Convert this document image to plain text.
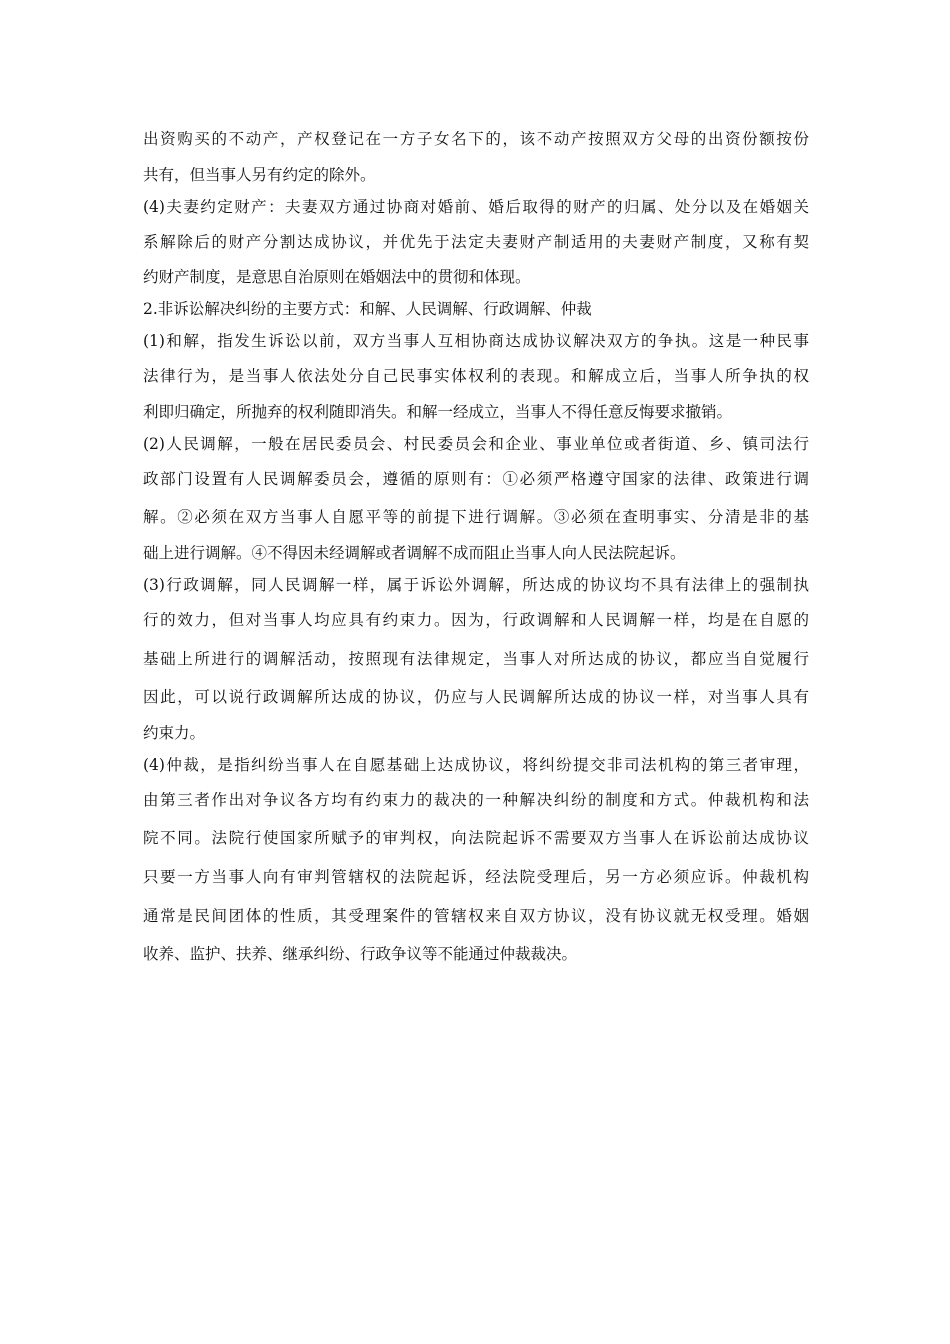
出资购买的不动产，产权登记在一方子女名下的，该不动产按照双方父母的出资份额按份
共有，但当事人另有约定的除外。
(4)夫妻约定财产：夫妻双方通过协商对婚前、婚后取得的财产的归属、处分以及在婚姻关
系解除后的财产分割达成协议，并优先于法定夫妻财产制适用的夫妻财产制度，又称有契
约财产制度，是意思自治原则在婚姻法中的贯彻和体现。
2.非诉讼解决纠纷的主要方式：和解、人民调解、行政调解、仲裁
(1)和解，指发生诉讼以前，双方当事人互相协商达成协议解决双方的争执。这是一种民事
法律行为，是当事人依法处分自己民事实体权利的表现。和解成立后，当事人所争执的权
利即归确定，所抛弃的权利随即消失。和解一经成立，当事人不得任意反悔要求撤销。
(2)人民调解，一般在居民委员会、村民委员会和企业、事业单位或者街道、乡、镇司法行
政部门设置有人民调解委员会，遵循的原则有：①必须严格遵守国家的法律、政策进行调
解。②必须在双方当事人自愿平等的前提下进行调解。③必须在查明事实、分清是非的基
础上进行调解。④不得因未经调解或者调解不成而阻止当事人向人民法院起诉。
(3)行政调解，同人民调解一样，属于诉讼外调解，所达成的协议均不具有法律上的强制执
行的效力，但对当事人均应具有约束力。因为，行政调解和人民调解一样，均是在自愿的
基础上所进行的调解活动，按照现有法律规定，当事人对所达成的协议，都应当自觉履行
因此，可以说行政调解所达成的协议，仍应与人民调解所达成的协议一样，对当事人具有
约束力。
(4)仲裁，是指纠纷当事人在自愿基础上达成协议，将纠纷提交非司法机构的第三者审理，
由第三者作出对争议各方均有约束力的裁决的一种解决纠纷的制度和方式。仲裁机构和法
院不同。法院行使国家所赋予的审判权，向法院起诉不需要双方当事人在诉讼前达成协议
只要一方当事人向有审判管辖权的法院起诉，经法院受理后，另一方必须应诉。仲裁机构
通常是民间团体的性质，其受理案件的管辖权来自双方协议，没有协议就无权受理。婚姻
收养、监护、扶养、继承纠纷、行政争议等不能通过仲裁裁决。
